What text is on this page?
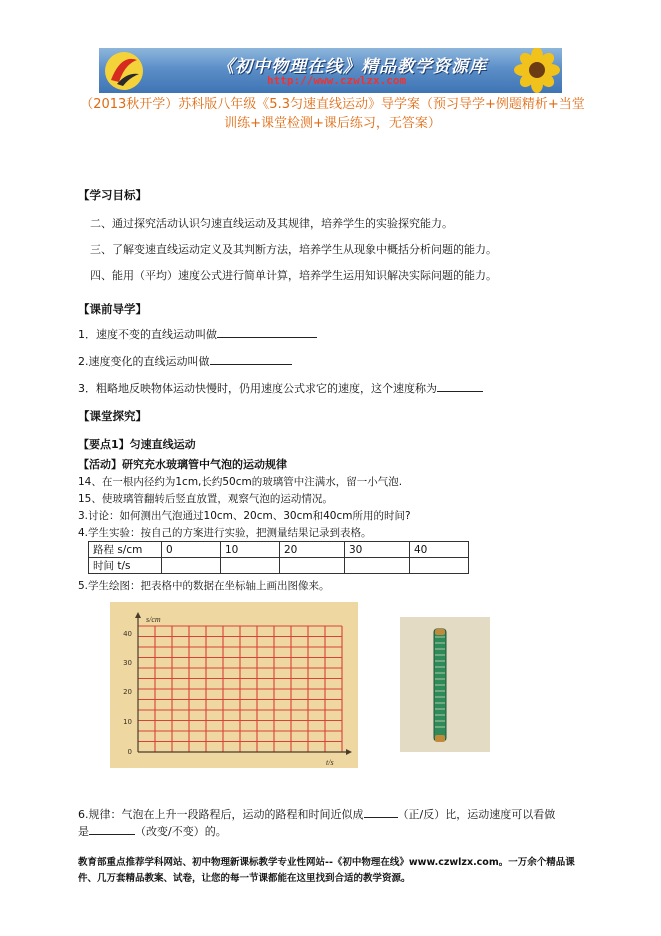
《初中物理在线》精品教学资源库
http://www.czwlzx.com
（2013秋开学）苏科版八年级《5.3匀速直线运动》导学案（预习导学+例题精析+当堂训练+课堂检测+课后练习，无答案）
【学习目标】
二、通过探究活动认识匀速直线运动及其规律，培养学生的实验探究能力。
三、了解变速直线运动定义及其判断方法，培养学生从现象中概括分析问题的能力。
四、能用（平均）速度公式进行简单计算，培养学生运用知识解决实际问题的能力。
【课前导学】
1．速度不变的直线运动叫做
2.速度变化的直线运动叫做
3．粗略地反映物体运动快慢时，仍用速度公式求它的速度，这个速度称为
【课堂探究】
【要点1】匀速直线运动
【活动】研究充水玻璃管中气泡的运动规律
14、在一根内径约为1cm,长约50cm的玻璃管中注满水，留一小气泡.
15、使玻璃管翻转后竖直放置，观察气泡的运动情况。
3.讨论：如何测出气泡通过10cm、20cm、30cm和40cm所用的时间?
4.学生实验：按自己的方案进行实验，把测量结果记录到表格。
路程 s/cm	0	10	20	30	40
时间 t/s					
5.学生绘图：把表格中的数据在坐标轴上画出图像来。
s/cm
t/s
0
10
20
30
40
6.规律：气泡在上升一段路程后，运动的路程和时间近似成	（正/反）比，运动速度可以看做
是	（改变/不变）的。
教育部重点推荐学科网站、初中物理新课标教学专业性网站--《初中物理在线》www.czwlzx.com。一万余个精品课
件、几万套精品教案、试卷，让您的每一节课都能在这里找到合适的教学资源。
